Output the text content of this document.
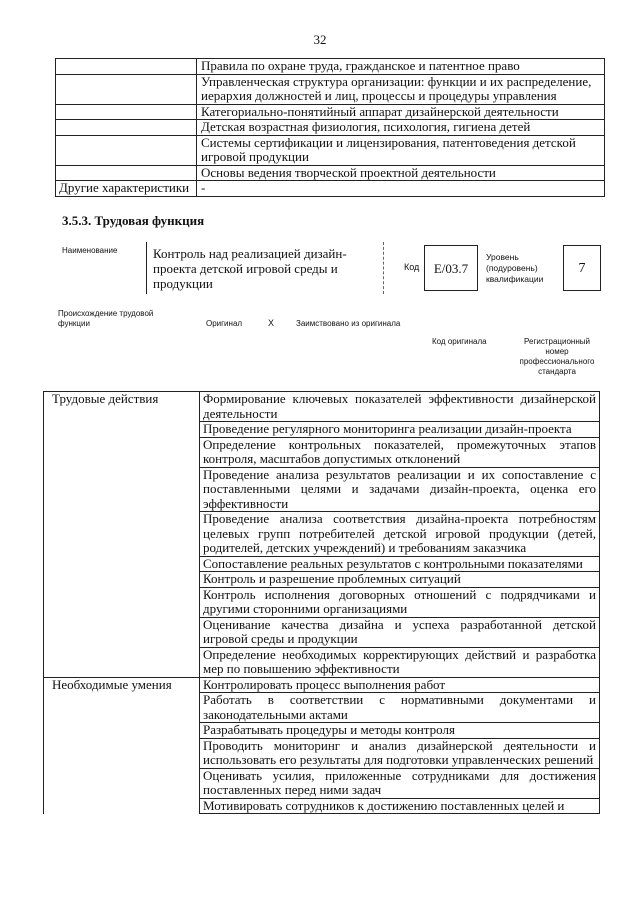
32
	Правила по охране труда, гражданское и патентное право
	Управленческая структура организации: функции и их распределение, иерархия должностей и лиц, процессы и процедуры управления
	Категориально-понятийный аппарат дизайнерской деятельности
	Детская возрастная физиология, психология, гигиена детей
	Системы сертификации и лицензирования, патентоведения детской игровой продукции
	Основы ведения творческой проектной деятельности
Другие характеристики	-
3.5.3. Трудовая функция
Наименование	Контроль над реализацией дизайн-проекта детской игровой среды и продукции
Код	E/03.7
Уровень (подуровень) квалификации
7
Происхождение трудовой функции	Оригинал	X	Заимствовано из оригинала
Код оригинала	Регистрационный номер профессионального стандарта
Трудовые действия	Формирование ключевых показателей эффективности дизайнерской деятельности
	Проведение регулярного мониторинга реализации дизайн-проекта
	Определение контрольных показателей, промежуточных этапов контроля, масштабов допустимых отклонений
	Проведение анализа результатов реализации и их сопоставление с поставленными целями и задачами дизайн-проекта, оценка его эффективности
	Проведение анализа соответствия дизайна-проекта потребностям целевых групп потребителей детской игровой продукции (детей, родителей, детских учреждений) и требованиям заказчика
	Сопоставление реальных результатов с контрольными показателями
	Контроль и разрешение проблемных ситуаций
	Контроль исполнения договорных отношений с подрядчиками и другими сторонними организациями
	Оценивание качества дизайна и успеха разработанной детской игровой среды и продукции
	Определение необходимых корректирующих действий и разработка мер по повышению эффективности
Необходимые умения	Контролировать процесс выполнения работ
	Работать в соответствии с нормативными документами и законодательными актами
	Разрабатывать процедуры и методы контроля
	Проводить мониторинг и анализ дизайнерской деятельности и использовать его результаты для подготовки управленческих решений
	Оценивать усилия, приложенные сотрудниками для достижения поставленных перед ними задач
	Мотивировать сотрудников к достижению поставленных целей и
